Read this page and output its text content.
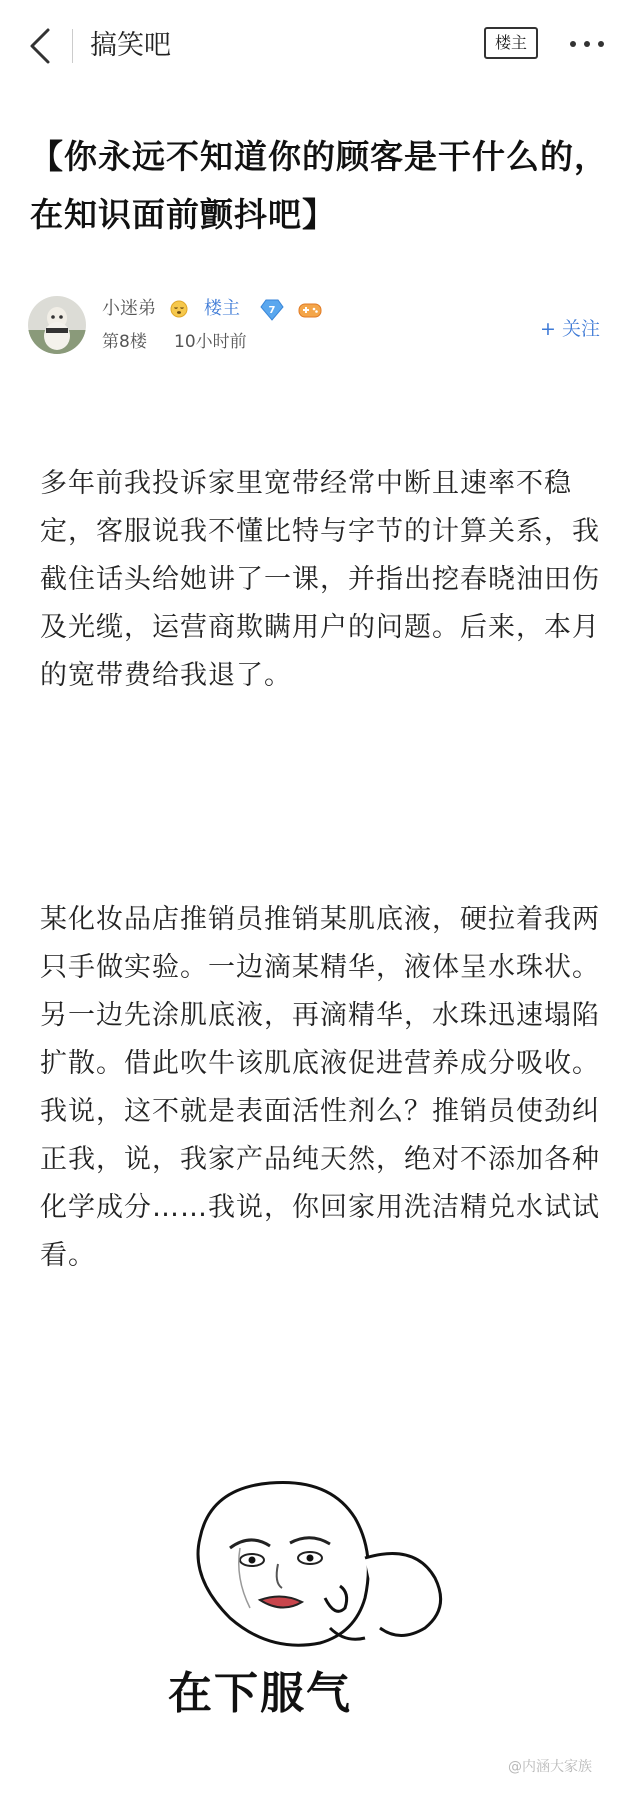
搞笑吧	楼主
【你永远不知道你的顾客是干什么的，在知识面前颤抖吧】
小迷弟	楼主	7
第8楼 10小时前
+ 关注
多年前我投诉家里宽带经常中断且速率不稳定，客服说我不懂比特与字节的计算关系，我截住话头给她讲了一课，并指出挖春晓油田伤及光缆，运营商欺瞒用户的问题。后来，本月的宽带费给我退了。
某化妆品店推销员推销某肌底液，硬拉着我两只手做实验。一边滴某精华，液体呈水珠状。另一边先涂肌底液，再滴精华，水珠迅速塌陷扩散。借此吹牛该肌底液促进营养成分吸收。我说，这不就是表面活性剂么？推销员使劲纠正我，说，我家产品纯天然，绝对不添加各种化学成分……我说，你回家用洗洁精兑水试试看。
在下服气
@内涵大家族
